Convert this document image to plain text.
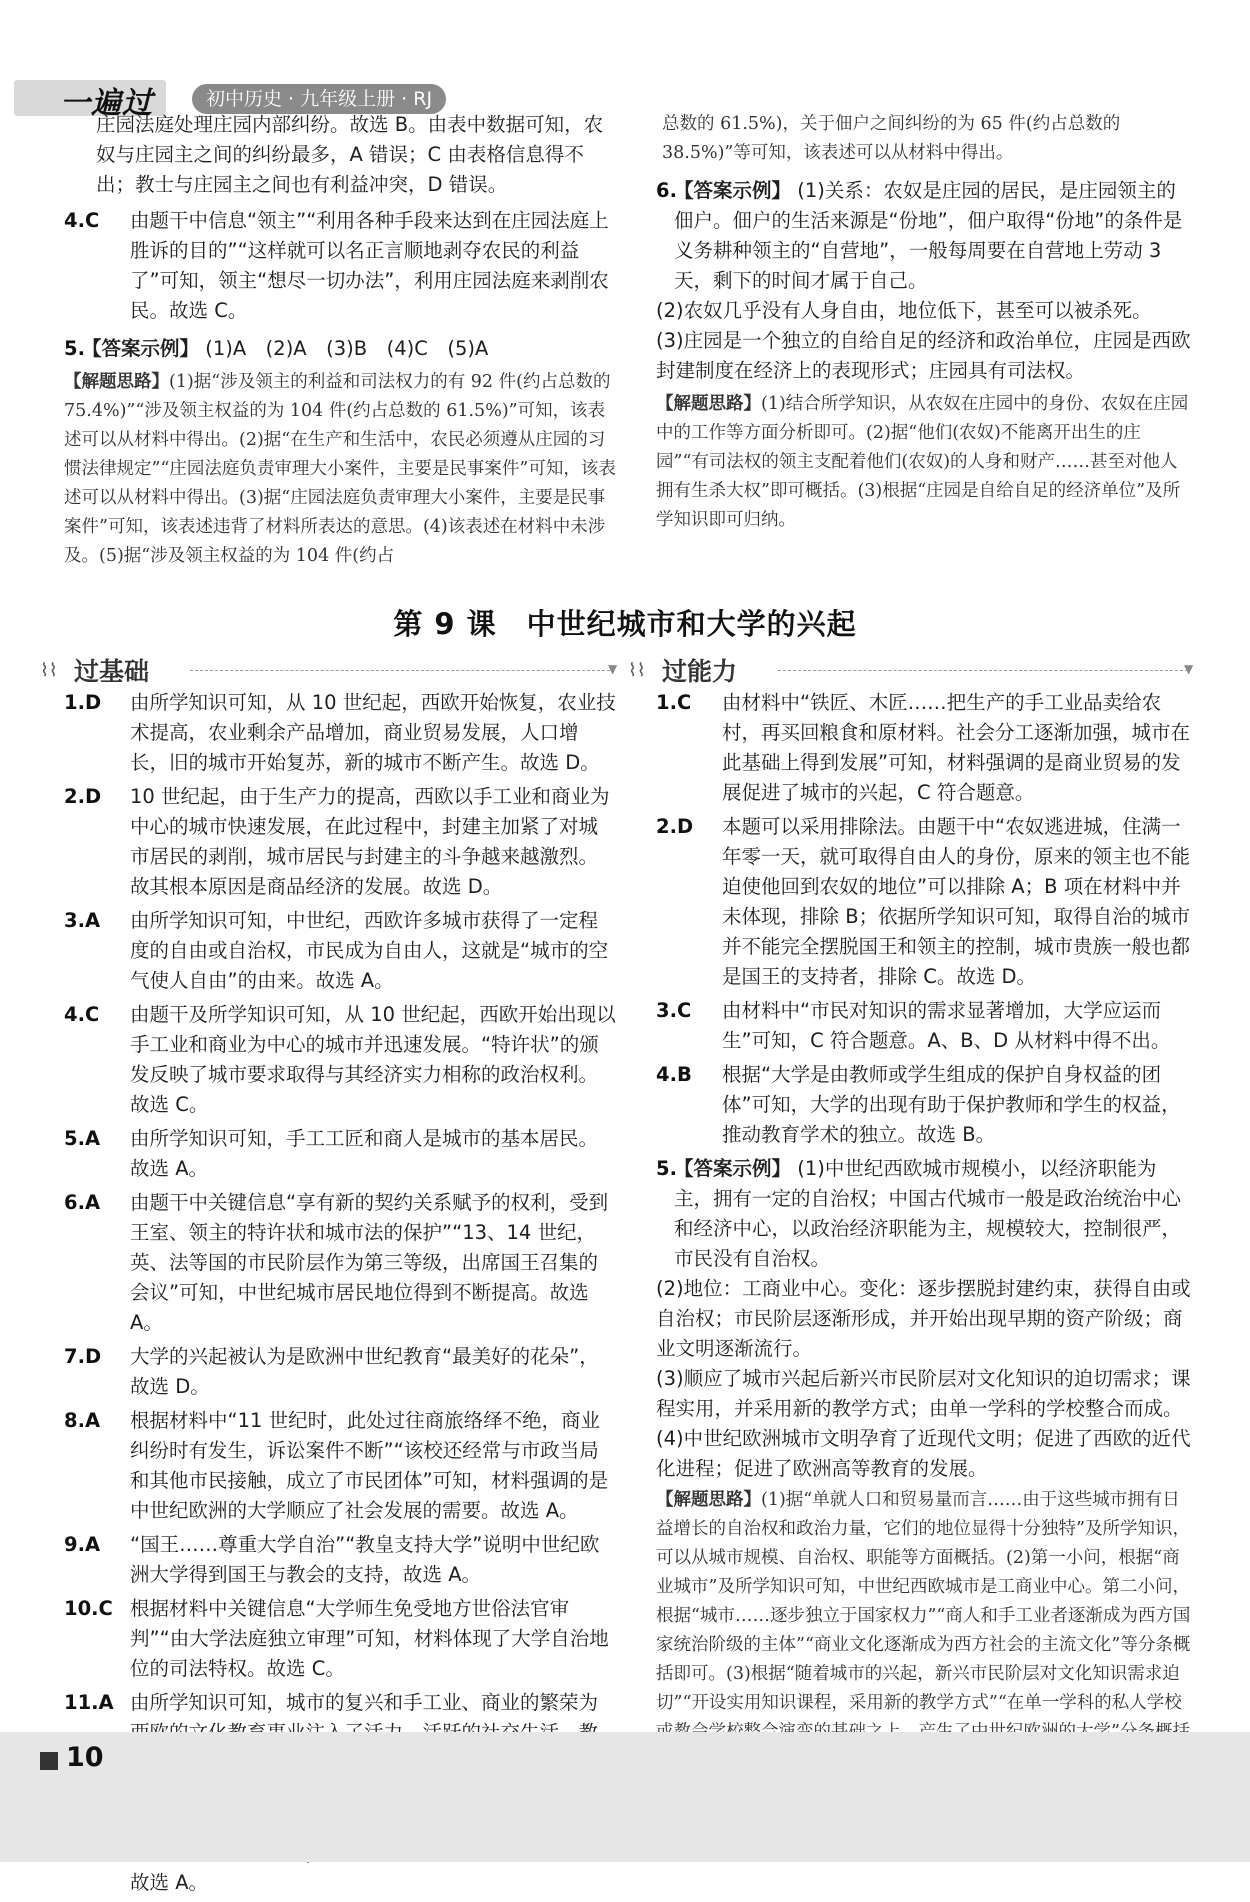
一遍过	初中历史 · 九年级上册 · RJ

庄园法庭处理庄园内部纠纷。故选 B。由表中数据可知，农奴与庄园主之间的纠纷最多，A 错误；C 由表格信息得不出；教士与庄园主之间也有利益冲突，D 错误。

4.C 由题干中信息“领主”“利用各种手段来达到在庄园法庭上胜诉的目的”“这样就可以名正言顺地剥夺农民的利益了”可知，领主“想尽一切办法”，利用庄园法庭来剥削农民。故选 C。
5.
【答案示例】 (1)A　(2)A　(3)B　(4)C　(5)A
【解题思路】(1)据“涉及领主的利益和司法权力的有 92 件(约占总数的 75.4%)”“涉及领主权益的为 104 件(约占总数的 61.5%)”可知，该表述可以从材料中得出。(2)据“在生产和生活中，农民必须遵从庄园的习惯法律规定”“庄园法庭负责审理大小案件，主要是民事案件”可知，该表述可以从材料中得出。(3)据“庄园法庭负责审理大小案件，主要是民事案件”可知，该表述违背了材料所表达的意思。(4)该表述在材料中未涉及。(5)据“涉及领主权益的为 104 件(约占

总数的 61.5%)，关于佃户之间纠纷的为 65 件(约占总数的 38.5%)”等可知，该表述可以从材料中得出。

6.
【答案示例】 (1)关系：农奴是庄园的居民，是庄园领主的佃户。佃户的生活来源是“份地”，佃户取得“份地”的条件是义务耕种领主的“自营地”，一般每周要在自营地上劳动 3 天，剩下的时间才属于自己。

(2)农奴几乎没有人身自由，地位低下，甚至可以被杀死。

(3)庄园是一个独立的自给自足的经济和政治单位，庄园是西欧封建制度在经济上的表现形式；庄园具有司法权。

【解题思路】(1)结合所学知识，从农奴在庄园中的身份、农奴在庄园中的工作等方面分析即可。(2)据“他们(农奴)不能离开出生的庄园”“有司法权的领主支配着他们(农奴)的人身和财产……甚至对他人拥有生杀大权”即可概括。(3)根据“庄园是自给自足的经济单位”及所学知识即可归纳。
第 9 课　中世纪城市和大学的兴起
⌇⌇ 过基础	▼ ⌇⌇ 过能力	▼
1.D 由所学知识可知，从 10 世纪起，西欧开始恢复，农业技术提高，农业剩余产品增加，商业贸易发展，人口增长，旧的城市开始复苏，新的城市不断产生。故选 D。
2.D 10 世纪起，由于生产力的提高，西欧以手工业和商业为中心的城市快速发展，在此过程中，封建主加紧了对城市居民的剥削，城市居民与封建主的斗争越来越激烈。故其根本原因是商品经济的发展。故选 D。
3.A 由所学知识可知，中世纪，西欧许多城市获得了一定程度的自由或自治权，市民成为自由人，这就是“城市的空气使人自由”的由来。故选 A。
4.C 由题干及所学知识可知，从 10 世纪起，西欧开始出现以手工业和商业为中心的城市并迅速发展。“特许状”的颁发反映了城市要求取得与其经济实力相称的政治权利。故选 C。
5.A 由所学知识可知，手工工匠和商人是城市的基本居民。故选 A。
6.A 由题干中关键信息“享有新的契约关系赋予的权利，受到王室、领主的特许状和城市法的保护”“13、14 世纪，英、法等国的市民阶层作为第三等级，出席国王召集的会议”可知，中世纪城市居民地位得到不断提高。故选 A。
7.D 大学的兴起被认为是欧洲中世纪教育“最美好的花朵”，故选 D。
8.A 根据材料中“11 世纪时，此处过往商旅络绎不绝，商业纠纷时有发生，诉讼案件不断”“该校还经常与市政当局和其他市民接触，成立了市民团体”可知，材料强调的是中世纪欧洲的大学顺应了社会发展的需要。故选 A。
9.A “国王……尊重大学自治”“教皇支持大学”说明中世纪欧洲大学得到国王与教会的支持，故选 A。
10.C 根据材料中关键信息“大学师生免受地方世俗法官审判”“由大学法庭独立审理”可知，材料体现了大学自治地位的司法特权。故选 C。
11.A 由所学知识可知，城市的复兴和手工业、商业的繁荣为 故选 A。
1.C 由材料中“铁匠、木匠……把生产的手工业品卖给农村，再买回粮食和原材料。社会分工逐渐加强，城市在此基础上得到发展”可知，材料强调的是商业贸易的发展促进了城市的兴起，C 符合题意。
2.D 本题可以采用排除法。由题干中“农奴逃进城，住满一年零一天，就可取得自由人的身份，原来的领主也不能迫使他回到农奴的地位”可以排除 A；B 项在材料中并未体现，排除 B；依据所学知识可知，取得自治的城市并不能完全摆脱国王和领主的控制，城市贵族一般也都是国王的支持者，排除 C。故选 D。
3.C 由材料中“市民对知识的需求显著增加，大学应运而生”可知，C 符合题意。A、B、D 从材料中得不出。
4.B 根据“大学是由教师或学生组成的保护自身权益的团体”可知，大学的出现有助于保护教师和学生的权益，推动教育学术的独立。故选 B。
5.
【答案示例】 (1)中世纪西欧城市规模小，以经济职能为主，拥有一定的自治权；中国古代城市一般是政治统治中心和经济中心，以政治经济职能为主，规模较大，控制很严，市民没有自治权。

(2)地位：工商业中心。变化：逐步摆脱封建约束，获得自由或自治权；市民阶层逐渐形成，并开始出现早期的资产阶级；商业文明逐渐流行。

(3)顺应了城市兴起后新兴市民阶层对文化知识的迫切需求；课程实用，并采用新的教学方式；由单一学科的学校整合而成。

(4)中世纪欧洲城市文明孕育了近现代文明；促进了西欧的近代化进程；促进了欧洲高等教育的发展。

【解题思路】(1)据“单就人口和贸易量而言……由于这些城市拥有日益增长的自治权和政治力量，它们的地位显得十分独特”及所学知识，可以从城市规模、自治权、职能等方面概括。(2)第一小问，根据“商业城市”及所学知识可知，中世纪西欧城市是工商业中心。第二小问，根据“城市……逐步独立于国家权力”“商人和手工业者逐渐成为西方国家统治阶级的主体”“商业文化逐渐成为西方社会的主流文化”等分条概括即可。(3)根据“随着城市的兴起，新兴市民阶层对文化知识需求迫切”“开设实用知识课程，采用新的教学方式”“在单一学科的私人学校
10
